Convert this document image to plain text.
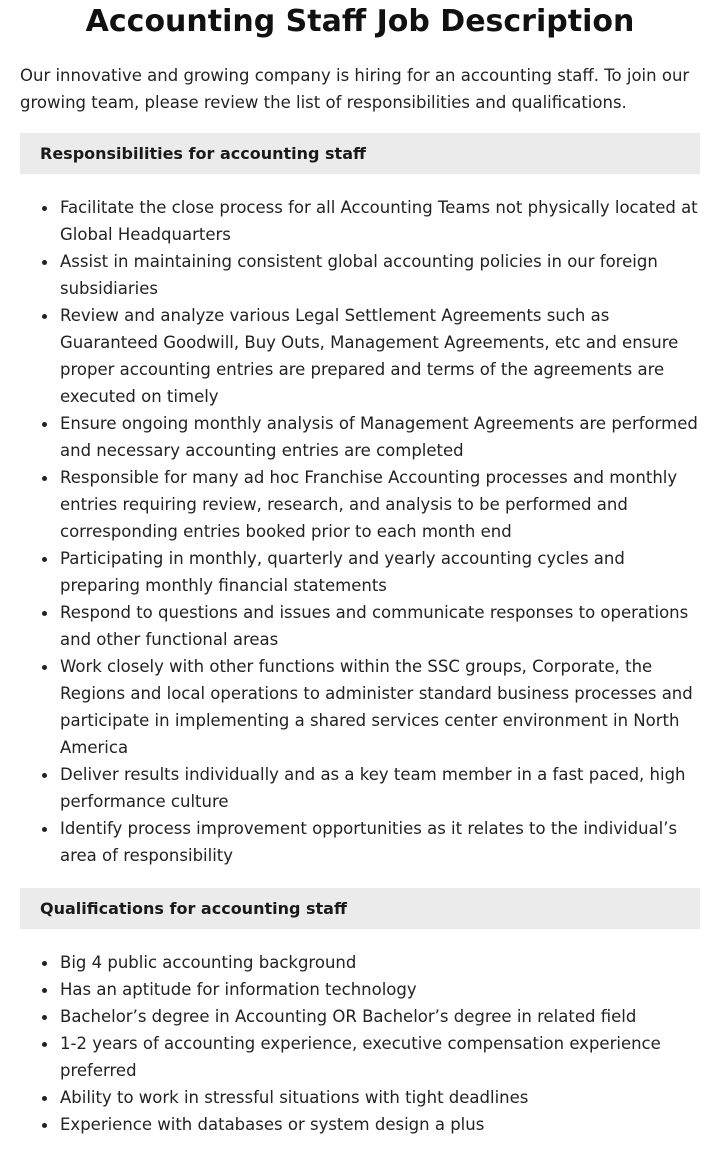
Accounting Staff Job Description

Our innovative and growing company is hiring for an accounting staff. To join our growing team, please review the list of responsibilities and qualifications.

Responsibilities for accounting staff
Facilitate the close process for all Accounting Teams not physically located at Global Headquarters
Assist in maintaining consistent global accounting policies in our foreign subsidiaries
Review and analyze various Legal Settlement Agreements such as Guaranteed Goodwill, Buy Outs, Management Agreements, etc and ensure proper accounting entries are prepared and terms of the agreements are executed on timely
Ensure ongoing monthly analysis of Management Agreements are performed and necessary accounting entries are completed
Responsible for many ad hoc Franchise Accounting processes and monthly entries requiring review, research, and analysis to be performed and corresponding entries booked prior to each month end
Participating in monthly, quarterly and yearly accounting cycles and preparing monthly financial statements
Respond to questions and issues and communicate responses to operations and other functional areas
Work closely with other functions within the SSC groups, Corporate, the Regions and local operations to administer standard business processes and participate in implementing a shared services center environment in North America
Deliver results individually and as a key team member in a fast paced, high performance culture
Identify process improvement opportunities as it relates to the individual’s area of responsibility
Qualifications for accounting staff
Big 4 public accounting background
Has an aptitude for information technology
Bachelor’s degree in Accounting OR Bachelor’s degree in related field
1-2 years of accounting experience, executive compensation experience preferred
Ability to work in stressful situations with tight deadlines
Experience with databases or system design a plus
